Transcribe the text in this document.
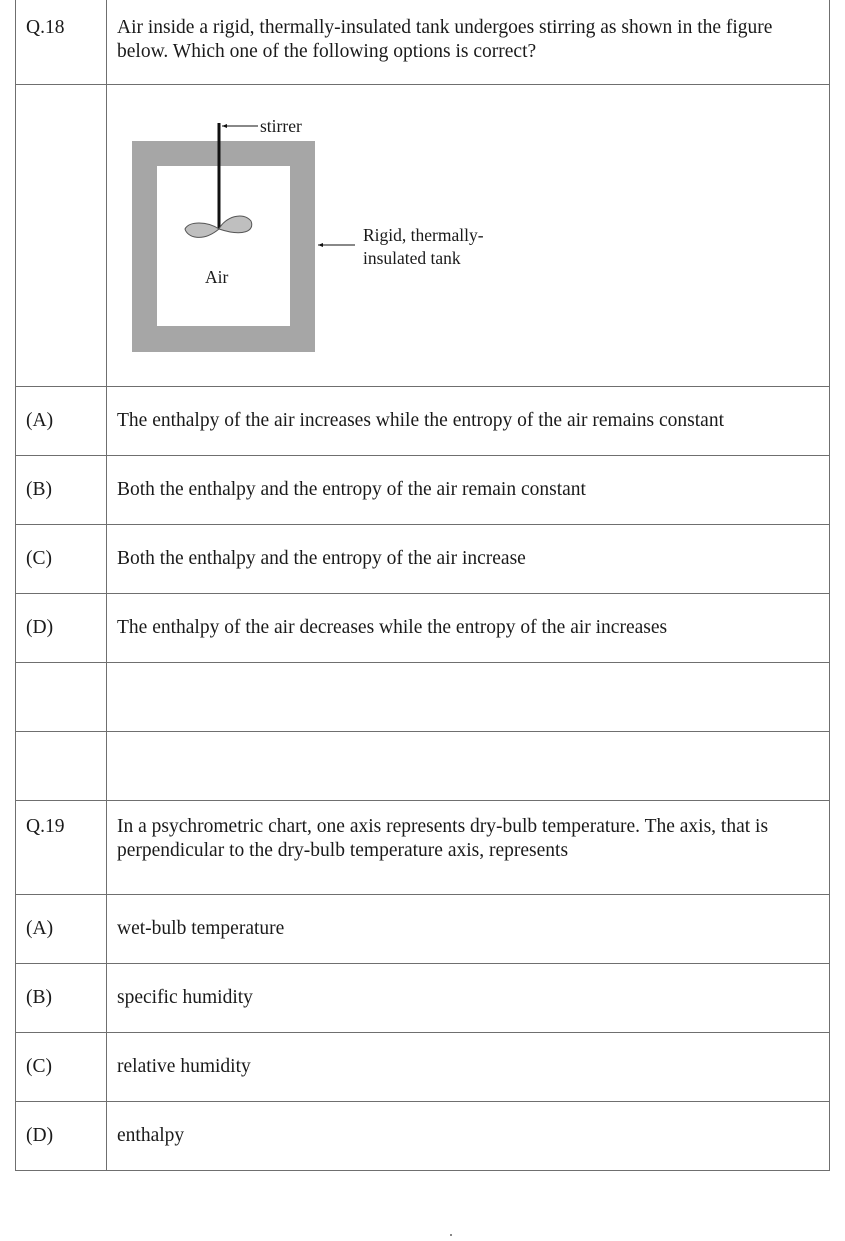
Q.18	Air inside a rigid, thermally-insulated tank undergoes stirring as shown in the figure below. Which one of the following options is correct?

	stirrer
Rigid, thermally-
insulated tank
Air

(A)	The enthalpy of the air increases while the entropy of the air remains constant
(B)	Both the enthalpy and the entropy of the air remain constant
(C)	Both the enthalpy and the entropy of the air increase
(D)	The enthalpy of the air decreases while the entropy of the air increases

Q.19	In a psychrometric chart, one axis represents dry-bulb temperature. The axis, that is perpendicular to the dry-bulb temperature axis, represents
(A)	wet-bulb temperature
(B)	specific humidity
(C)	relative humidity
(D)	enthalpy
